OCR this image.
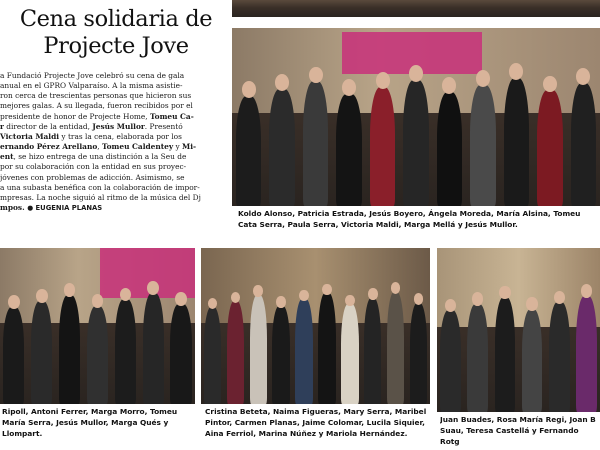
Cena solidaria de
Projecte Jove

a Fundació Projecte Jove celebró su cena de gala

anual en el GPRO Valparaíso. A la misma asistie-

ron cerca de trescientas personas que hicieron sus

mejores galas. A su llegada, fueron recibidos por el

presidente de honor de Projecte Home, Tomeu Ca-

r director de la entidad, Jesús Mullor. Presentó

Victoria Maldi y tras la cena, elaborada por los

ernando Pérez Arellano, Tomeu Caldentey y Mi-

ent, se hizo entrega de una distinción a la Seu de

por su colaboración con la entidad en sus proyec-

jóvenes con problemas de adicción. Asimismo, se

a una subasta benéfica con la colaboración de impor-

mpresas. La noche siguió al ritmo de la música del Dj

mpos. ● EUGENIA PLANAS

Koldo Alonso, Patricia Estrada, Jesús Boyero, Ángela Moreda, María Alsina, Tomeu Cata Serra, Paula Serra, Victoria Maldi, Marga Mellá y Jesús Mullor.

Ripoll, Antoni Ferrer, Marga Morro, Tomeu María Serra, Jesús Mullor, Marga Qués y Llompart.

Cristina Beteta, Naima Figueras, Mary Serra, Maribel Pintor, Carmen Planas, Jaime Colomar, Lucila Siquier, Aina Ferriol, Marina Núñez y Mariola Hernández.

Juan Buades, Rosa María Regi, Joan B Suau, Teresa Castellá y Fernando Rotg
